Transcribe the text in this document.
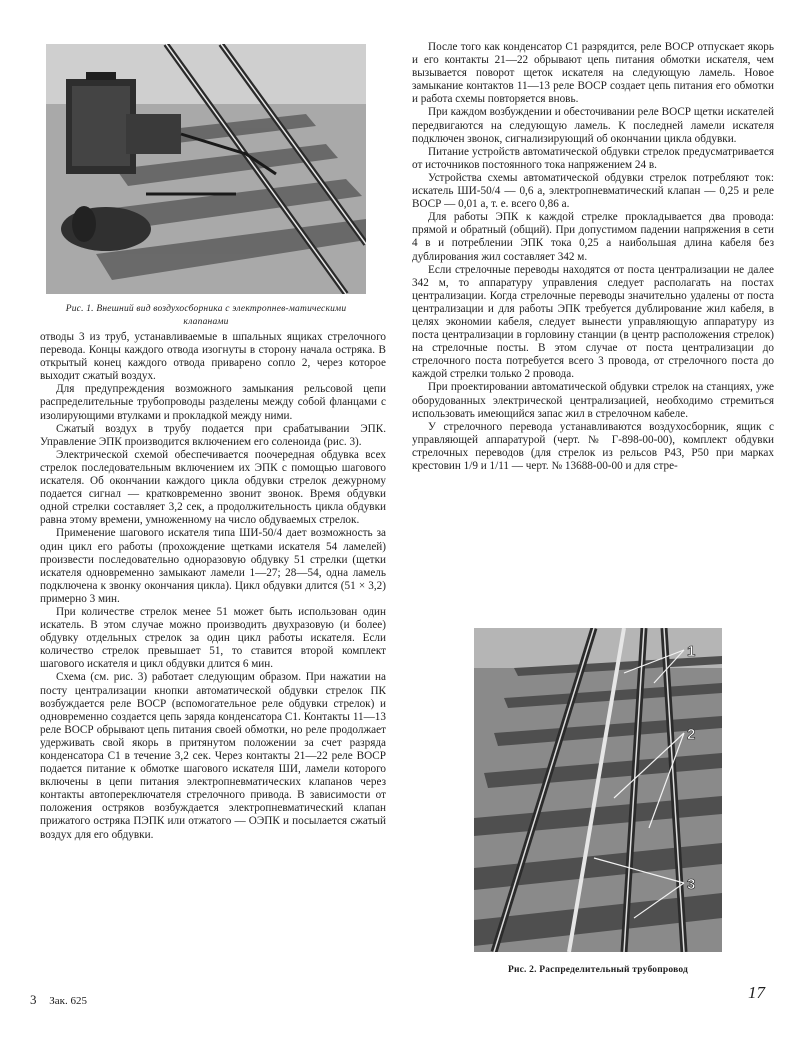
Рис. 1. Внешний вид воздухосборника с электропнев-матическими клапанами

отводы 3 из труб, устанавливаемые в шпальных ящиках стрелочного перевода. Концы каждого отвода изогнуты в сторону начала остряка. В открытый конец каждого отвода приварено сопло 2, через которое выходит сжатый воздух.

Для предупреждения возможного замыкания рельсовой цепи распределительные трубопроводы разделены между собой фланцами с изолирующими втулками и прокладкой между ними.

Сжатый воздух в трубу подается при срабатывании ЭПК. Управление ЭПК производится включением его соленоида (рис. 3).

Электрической схемой обеспечивается поочередная обдувка всех стрелок последовательным включением их ЭПК с помощью шагового искателя. Об окончании каждого цикла обдувки стрелок дежурному подается сигнал — кратковременно звонит звонок. Время обдувки одной стрелки составляет 3,2 сек, а продолжительность цикла обдувки равна этому времени, умноженному на число обдуваемых стрелок.

Применение шагового искателя типа ШИ-50/4 дает возможность за один цикл его работы (прохождение щетками искателя 54 ламелей) произвести последовательно одноразовую обдувку 51 стрелки (щетки искателя одновременно замыкают ламели 1—27; 28—54, одна ламель подключена к звонку окончания цикла). Цикл обдувки длится (51 × 3,2) примерно 3 мин.

При количестве стрелок менее 51 может быть использован один искатель. В этом случае можно производить двухразовую (и более) обдувку отдельных стрелок за один цикл работы искателя. Если количество стрелок превышает 51, то ставится второй комплект шагового искателя и цикл обдувки длится 6 мин.

Схема (см. рис. 3) работает следующим образом. При нажатии на посту централизации кнопки автоматической обдувки стрелок ПК возбуждается реле ВОСР (вспомогательное реле обдувки стрелок) и одновременно создается цепь заряда конденсатора С1. Контакты 11—13 реле ВОСР обрывают цепь питания своей обмотки, но реле продолжает удерживать свой якорь в притянутом положении за счет разряда конденсатора С1 в течение 3,2 сек. Через контакты 21—22 реле ВОСР подается питание к обмотке шагового искателя ШИ, ламели которого включены в цепи питания электропневматических клапанов через контакты автопереключателя стрелочного привода. В зависимости от положения остряков возбуждается электропневматический клапан прижатого остряка ПЭПК или отжатого — ОЭПК и посылается сжатый воздух для его обдувки.

После того как конденсатор С1 разрядится, реле ВОСР отпускает якорь и его контакты 21—22 обрывают цепь питания обмотки искателя, чем вызывается поворот щеток искателя на следующую ламель. Новое замыкание контактов 11—13 реле ВОСР создает цепь питания его обмотки и работа схемы повторяется вновь.

При каждом возбуждении и обесточивании реле ВОСР щетки искателей передвигаются на следующую ламель. К последней ламели искателя подключен звонок, сигнализирующий об окончании цикла обдувки.

Питание устройств автоматической обдувки стрелок предусматривается от источников постоянного тока напряжением 24 в.

Устройства схемы автоматической обдувки стрелок потребляют ток: искатель ШИ-50/4 — 0,6 а, электропневматический клапан — 0,25 и реле ВОСР — 0,01 а, т. е. всего 0,86 а.

Для работы ЭПК к каждой стрелке прокладывается два провода: прямой и обратный (общий). При допустимом падении напряжения в сети 4 в и потреблении ЭПК тока 0,25 а наибольшая длина кабеля без дублирования жил составляет 342 м.

Если стрелочные переводы находятся от поста централизации не далее 342 м, то аппаратуру управления следует располагать на постах централизации. Когда стрелочные переводы значительно удалены от поста централизации и для работы ЭПК требуется дублирование жил кабеля, в целях экономии кабеля, следует вынести управляющую аппаратуру из поста централизации в горловину станции (в центр расположения стрелок) на стрелочные посты. В этом случае от поста централизации до стрелочного поста потребуется всего 3 провода, от стрелочного поста до каждой стрелки только 2 провода.

При проектировании автоматической обдувки стрелок на станциях, уже оборудованных электрической централизацией, необходимо стремиться использовать имеющийся запас жил в стрелочном кабеле.

У стрелочного перевода устанавливаются воздухосборник, ящик с управляющей аппаратурой (черт. № Г-898-00-00), комплект обдувки стрелочных переводов (для стрелок из рельсов Р43, Р50 при марках крестовин 1/9 и 1/11 — черт. № 13688-00-00 и для стре-

1
2
3
Рис. 2. Распределительный трубопровод
3 Зак. 625	17
